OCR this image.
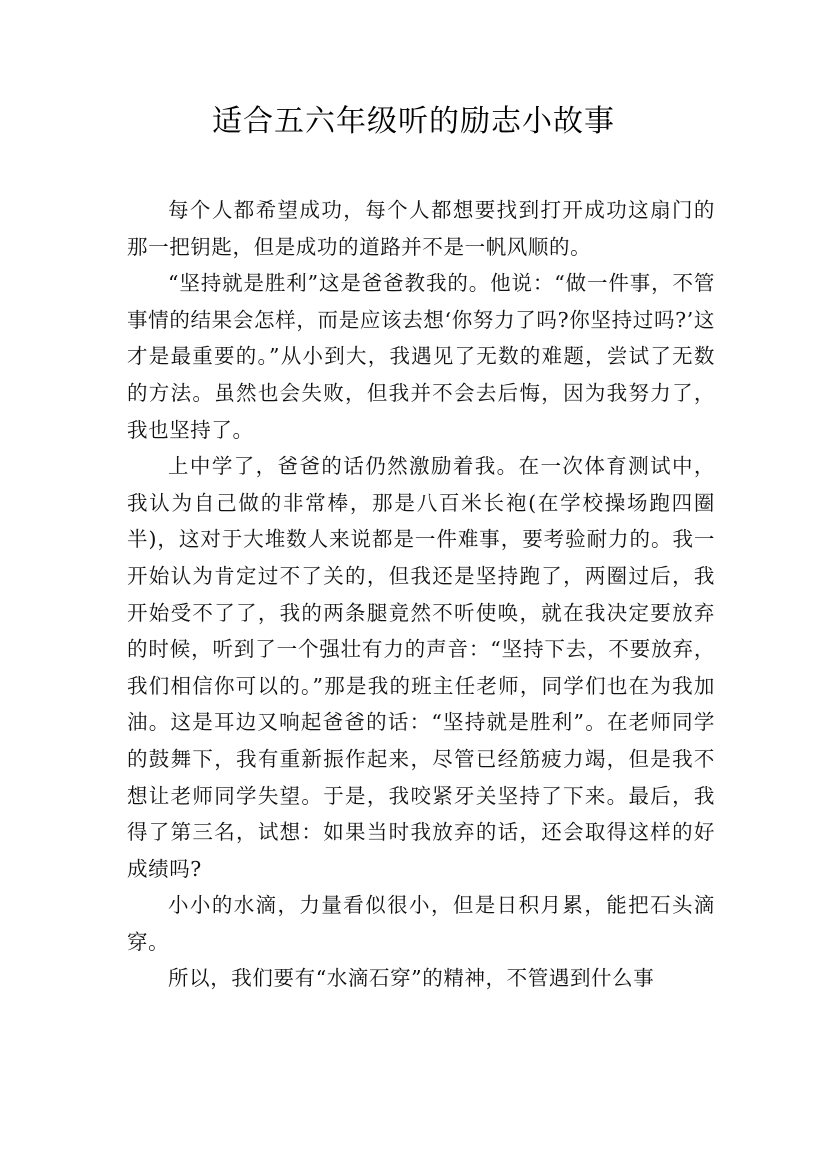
适合五六年级听的励志小故事

每个人都希望成功，每个人都想要找到打开成功这扇门的那一把钥匙，但是成功的道路并不是一帆风顺的。

“坚持就是胜利”这是爸爸教我的。他说：“做一件事，不管事情的结果会怎样，而是应该去想‘你努力了吗?你坚持过吗?’这才是最重要的。”从小到大，我遇见了无数的难题，尝试了无数的方法。虽然也会失败，但我并不会去后悔，因为我努力了，我也坚持了。

上中学了，爸爸的话仍然激励着我。在一次体育测试中，我认为自己做的非常棒，那是八百米长袍(在学校操场跑四圈半)，这对于大堆数人来说都是一件难事，要考验耐力的。我一开始认为肯定过不了关的，但我还是坚持跑了，两圈过后，我开始受不了了，我的两条腿竟然不听使唤，就在我决定要放弃的时候，听到了一个强壮有力的声音：“坚持下去，不要放弃，我们相信你可以的。”那是我的班主任老师，同学们也在为我加油。这是耳边又响起爸爸的话：“坚持就是胜利”。在老师同学的鼓舞下，我有重新振作起来，尽管已经筋疲力竭，但是我不想让老师同学失望。于是，我咬紧牙关坚持了下来。最后，我得了第三名，试想：如果当时我放弃的话，还会取得这样的好成绩吗?

小小的水滴，力量看似很小，但是日积月累，能把石头滴穿。

所以，我们要有“水滴石穿”的精神，不管遇到什么事
